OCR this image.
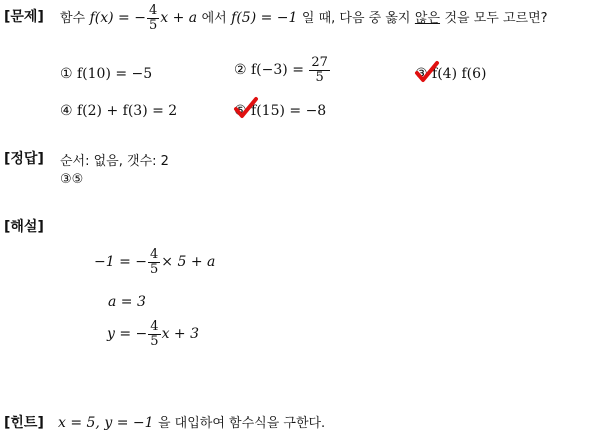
[문제] 함수 f(x) = − $\frac{4}{5}$ x + a 에서 f(5) = −1 일 때, 다음 중 옳지 않은 것을 모두 고르면?
① f(10) = −5	② $f(-3) = \frac{27}{5}$	③ f(4) f(6)
④ f(2) + f(3) = 2	⑤ f(15) = −8
[정답] 순서: 없음, 갯수: 2
③⑤
[해설]
−1 = − $\frac{4}{5} \times 5 + a$
a = 3
y = − $\frac{4}{5}$ x + 3
[힌트] x = 5, y = −1 을 대입하여 함수식을 구한다.
